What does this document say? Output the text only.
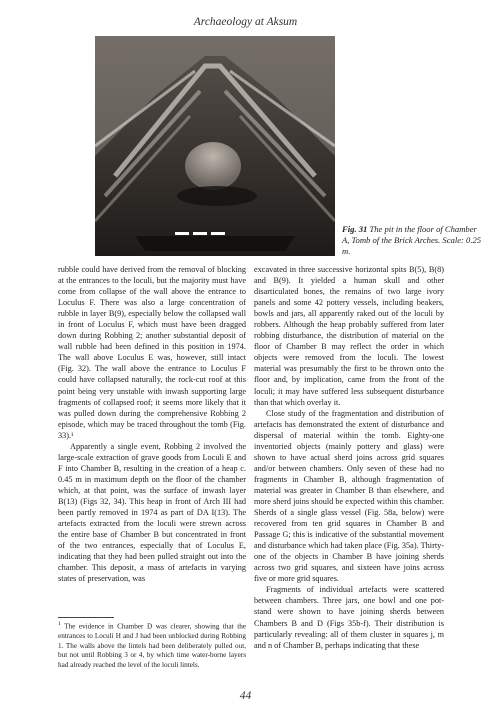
Archaeology at Aksum
Fig. 31 The pit in the floor of Chamber A, Tomb of the Brick Arches. Scale: 0.25 m.

rubble could have derived from the removal of blocking at the entrances to the loculi, but the majority must have come from collapse of the wall above the entrance to Loculus F. There was also a large concentration of rubble in layer B(9), especially below the collapsed wall in front of Loculus F, which must have been dragged down during Robbing 2; another substantial deposit of wall rubble had been defined in this position in 1974. The wall above Loculus E was, however, still intact (Fig. 32). The wall above the entrance to Loculus F could have collapsed naturally, the rock-cut roof at this point being very unstable with inwash supporting large fragments of collapsed roof; it seems more likely that it was pulled down during the comprehensive Robbing 2 episode, which may be traced throughout the tomb (Fig. 33).¹

Apparently a single event, Robbing 2 involved the large-scale extraction of grave goods from Loculi E and F into Chamber B, resulting in the creation of a heap c. 0.45 m in maximum depth on the floor of the chamber which, at that point, was the surface of inwash layer B(13) (Figs 32, 34). This heap in front of Arch III had been partly removed in 1974 as part of DA I(13). The artefacts extracted from the loculi were strewn across the entire base of Chamber B but concentrated in front of the two entrances, especially that of Loculus E, indicating that they had been pulled straight out into the chamber. This deposit, a mass of artefacts in varying states of preservation, was

excavated in three successive horizontal spits B(5), B(8) and B(9). It yielded a human skull and other disarticulated bones, the remains of two large ivory panels and some 42 pottery vessels, including beakers, bowls and jars, all apparently raked out of the loculi by robbers. Although the heap probably suffered from later robbing disturbance, the distribution of material on the floor of Chamber B may reflect the order in which objects were removed from the loculi. The lowest material was presumably the first to be thrown onto the floor and, by implication, came from the front of the loculi; it may have suffered less subsequent disturbance than that which overlay it.

Close study of the fragmentation and distribution of artefacts has demonstrated the extent of disturbance and dispersal of material within the tomb. Eighty-one inventoried objects (mainly pottery and glass) were shown to have actual sherd joins across grid squares and/or between chambers. Only seven of these had no fragments in Chamber B, although fragmentation of material was greater in Chamber B than elsewhere, and more sherd joins should be expected within this chamber. Sherds of a single glass vessel (Fig. 58a, below) were recovered from ten grid squares in Chamber B and Passage G; this is indicative of the substantial movement and disturbance which had taken place (Fig. 35a). Thirty-one of the objects in Chamber B have joining sherds across two grid squares, and sixteen have joins across five or more grid squares.

Fragments of individual artefacts were scattered between chambers. Three jars, one bowl and one pot-stand were shown to have joining sherds between Chambers B and D (Figs 35b-f). Their distribution is particularly revealing: all of them cluster in squares j, m and n of Chamber B, perhaps indicating that these

$^1$ The evidence in Chamber D was clearer, showing that the entrances to Loculi H and J had been unblocked during Robbing 1. The walls above the lintels had been deliberately pulled out, but not until Robbing 3 or 4, by which time water-borne layers had already reached the level of the loculi lintels.
44
